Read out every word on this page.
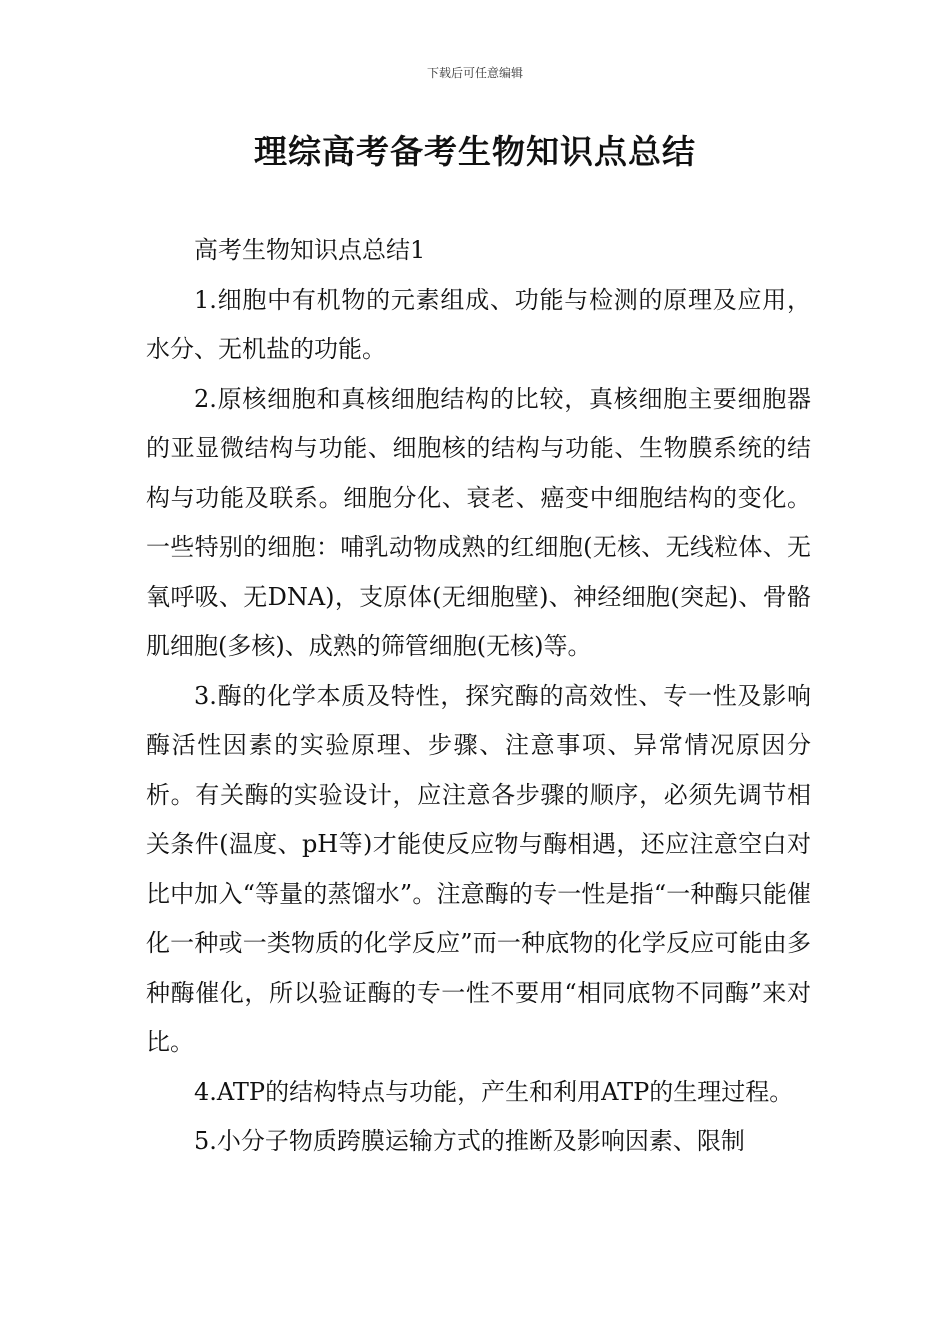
下载后可任意编辑
理综高考备考生物知识点总结

高考生物知识点总结1

1.细胞中有机物的元素组成、功能与检测的原理及应用，水分、无机盐的功能。

2.原核细胞和真核细胞结构的比较，真核细胞主要细胞器的亚显微结构与功能、细胞核的结构与功能、生物膜系统的结构与功能及联系。细胞分化、衰老、癌变中细胞结构的变化。一些特别的细胞：哺乳动物成熟的红细胞(无核、无线粒体、无氧呼吸、无DNA)，支原体(无细胞壁)、神经细胞(突起)、骨骼肌细胞(多核)、成熟的筛管细胞(无核)等。

3.酶的化学本质及特性，探究酶的高效性、专一性及影响酶活性因素的实验原理、步骤、注意事项、异常情况原因分析。有关酶的实验设计，应注意各步骤的顺序，必须先调节相关条件(温度、pH等)才能使反应物与酶相遇，还应注意空白对比中加入“等量的蒸馏水”。注意酶的专一性是指“一种酶只能催化一种或一类物质的化学反应”而一种底物的化学反应可能由多种酶催化，所以验证酶的专一性不要用“相同底物不同酶”来对比。

4.ATP的结构特点与功能，产生和利用ATP的生理过程。

5.小分子物质跨膜运输方式的推断及影响因素、限制
